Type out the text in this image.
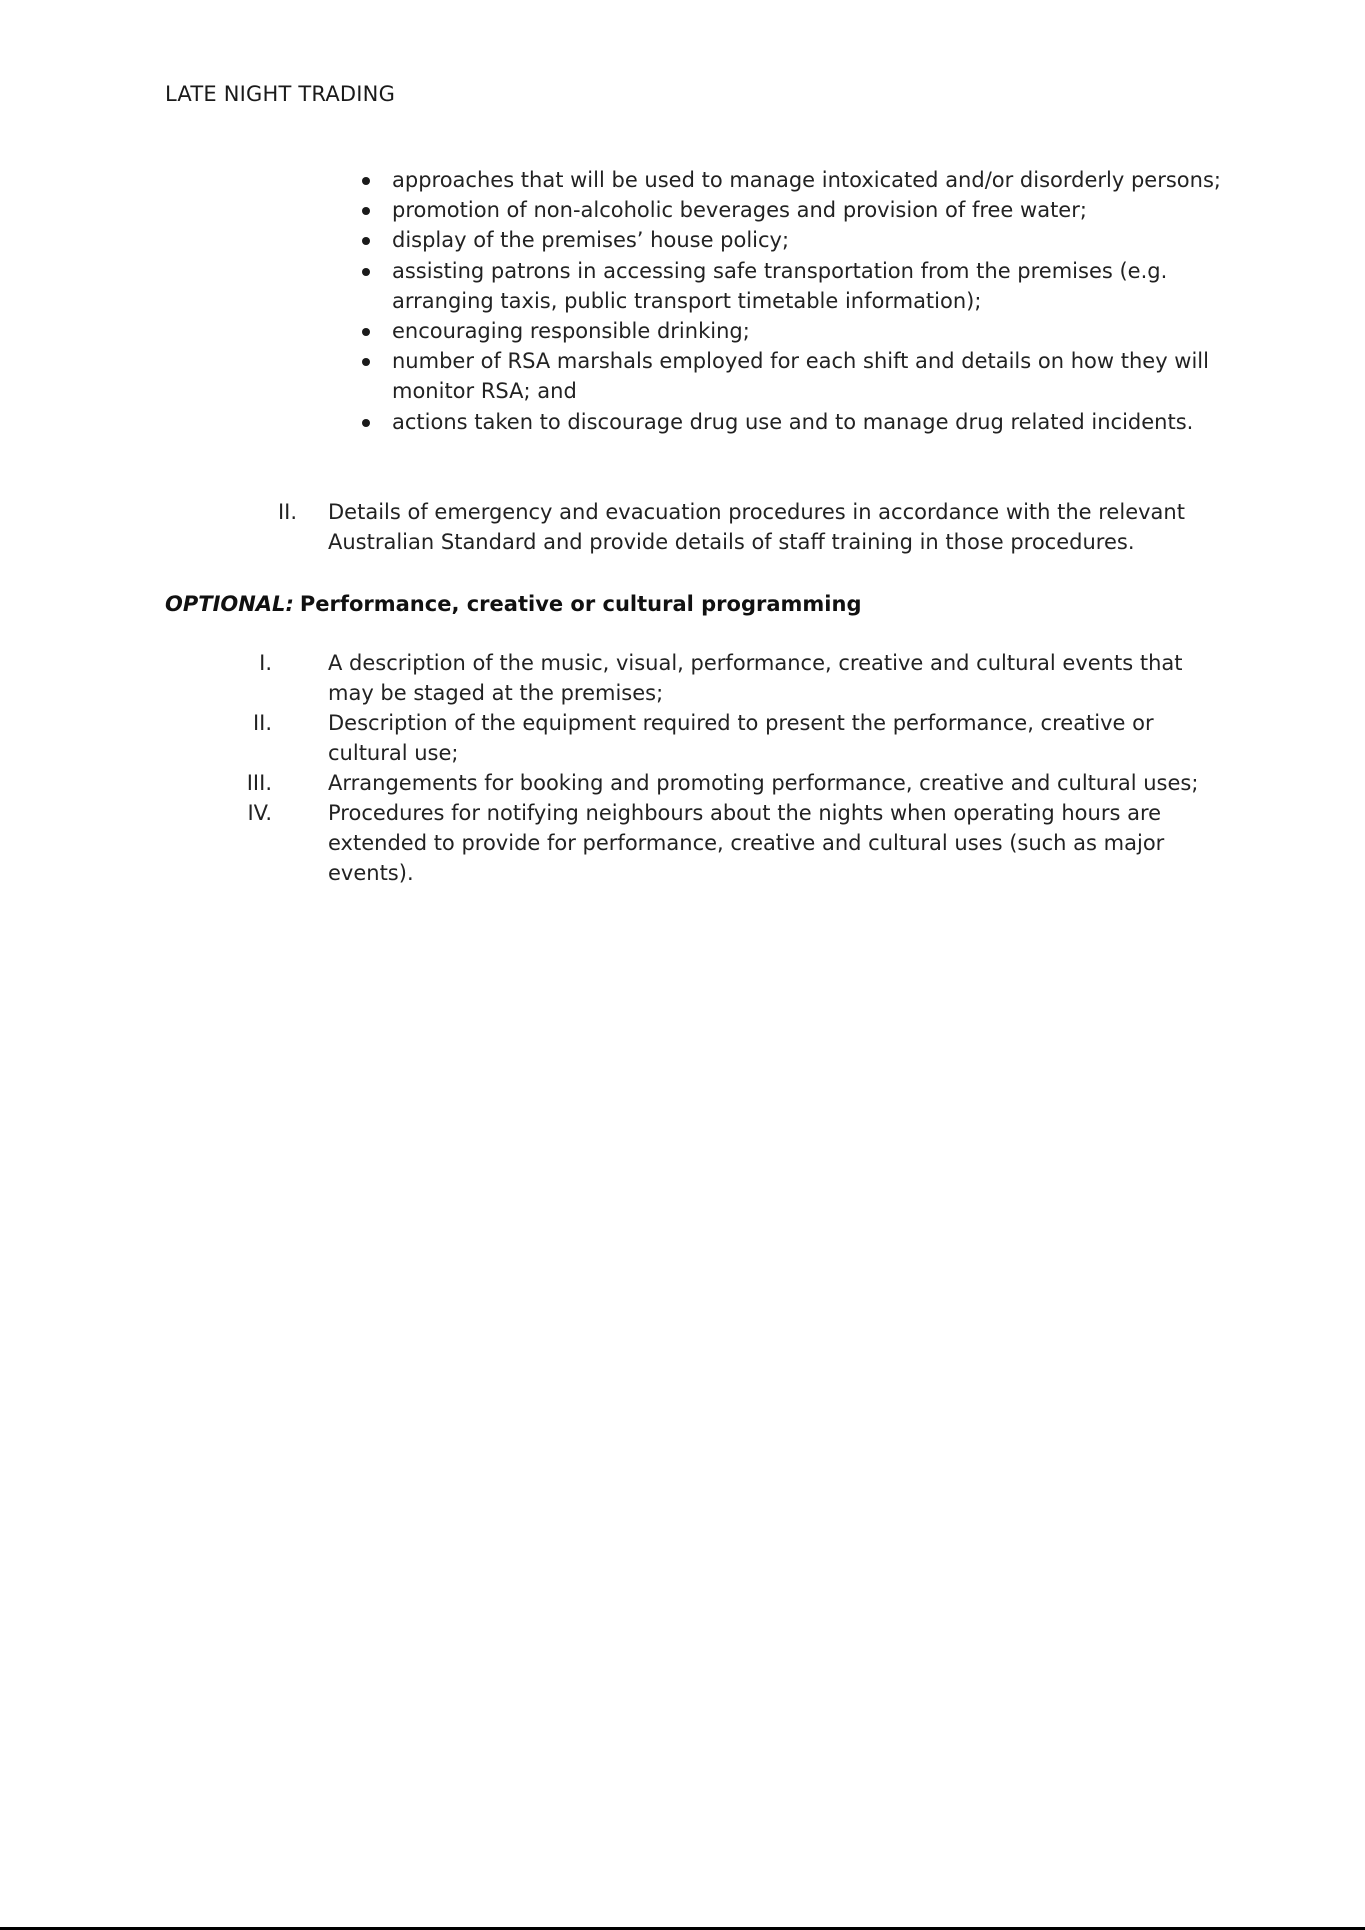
LATE NIGHT TRADING
approaches that will be used to manage intoxicated and/or disorderly persons;
promotion of non-alcoholic beverages and provision of free water;
display of the premises’ house policy;
assisting patrons in accessing safe transportation from the premises (e.g. arranging taxis, public transport timetable information);
encouraging responsible drinking;
number of RSA marshals employed for each shift and details on how they will monitor RSA; and
actions taken to discourage drug use and to manage drug related incidents.
II. Details of emergency and evacuation procedures in accordance with the relevant Australian Standard and provide details of staff training in those procedures.
OPTIONAL: Performance, creative or cultural programming
I.	A description of the music, visual, performance, creative and cultural events that may be staged at the premises;
II.	Description of the equipment required to present the performance, creative or cultural use;
III.	Arrangements for booking and promoting performance, creative and cultural uses;
IV.	Procedures for notifying neighbours about the nights when operating hours are extended to provide for performance, creative and cultural uses (such as major events).
